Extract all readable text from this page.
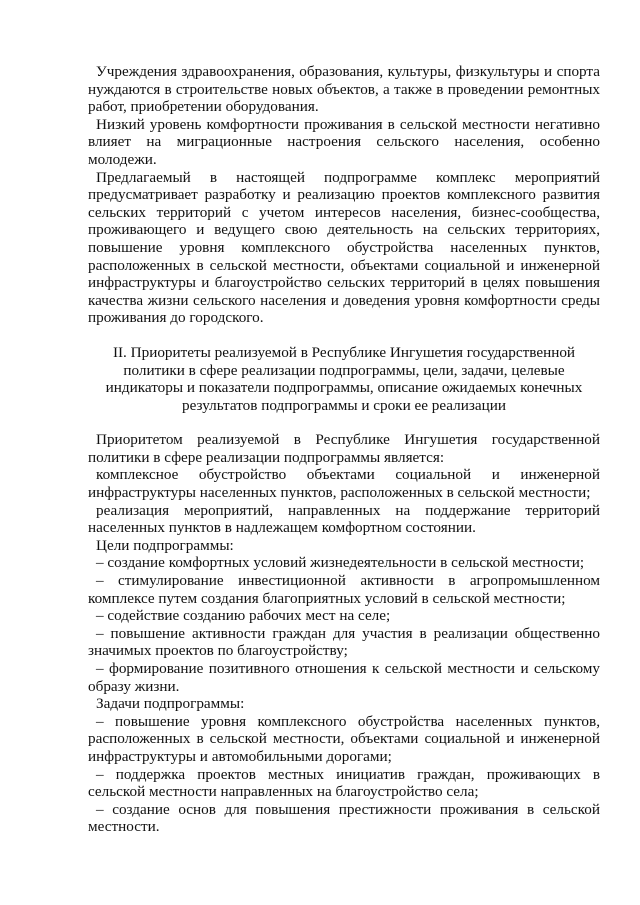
Учреждения здравоохранения, образования, культуры, физкультуры и спорта нуждаются в строительстве новых объектов, а также в проведении ремонтных работ, приобретении оборудования.

Низкий уровень комфортности проживания в сельской местности негативно влияет на миграционные настроения сельского населения, особенно молодежи.

Предлагаемый в настоящей подпрограмме комплекс мероприятий предусматривает разработку и реализацию проектов комплексного развития сельских территорий с учетом интересов населения, бизнес-сообщества, проживающего и ведущего свою деятельность на сельских территориях, повышение уровня комплексного обустройства населенных пунктов, расположенных в сельской местности, объектами социальной и инженерной инфраструктуры и благоустройство сельских территорий в целях повышения качества жизни сельского населения и доведения уровня комфортности среды проживания до городского.

II. Приоритеты реализуемой в Республике Ингушетия государственной политики в сфере реализации подпрограммы, цели, задачи, целевые индикаторы и показатели подпрограммы, описание ожидаемых конечных результатов подпрограммы и сроки ее реализации

Приоритетом реализуемой в Республике Ингушетия государственной политики в сфере реализации подпрограммы является:

комплексное обустройство объектами социальной и инженерной инфраструктуры населенных пунктов, расположенных в сельской местности;

реализация мероприятий, направленных на поддержание территорий населенных пунктов в надлежащем комфортном состоянии.

Цели подпрограммы:

– создание комфортных условий жизнедеятельности в сельской местности;

– стимулирование инвестиционной активности в агропромышленном комплексе путем создания благоприятных условий в сельской местности;

– содействие созданию рабочих мест на селе;

– повышение активности граждан для участия в реализации общественно значимых проектов по благоустройству;

– формирование позитивного отношения к сельской местности и сельскому образу жизни.

Задачи подпрограммы:

– повышение уровня комплексного обустройства населенных пунктов, расположенных в сельской местности, объектами социальной и инженерной инфраструктуры и автомобильными дорогами;

– поддержка проектов местных инициатив граждан, проживающих в сельской местности направленных на благоустройство села;

– создание основ для повышения престижности проживания в сельской местности.
